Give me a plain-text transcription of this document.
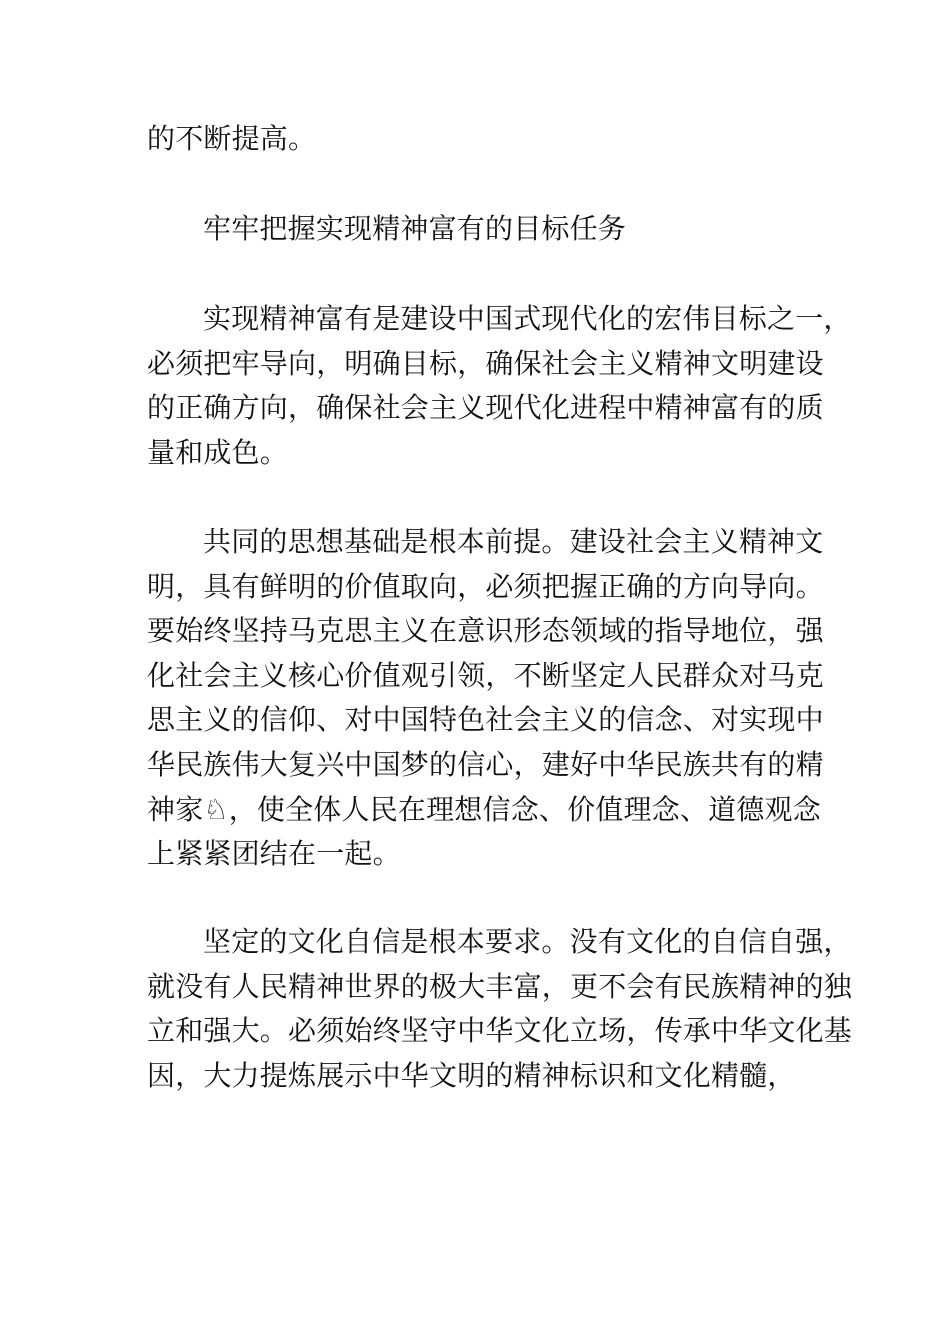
的不断提高。
牢牢把握实现精神富有的目标任务
实现精神富有是建设中国式现代化的宏伟目标之一，
必须把牢导向，明确目标，确保社会主义精神文明建设
的正确方向，确保社会主义现代化进程中精神富有的质
量和成色。
共同的思想基础是根本前提。建设社会主义精神文
明，具有鲜明的价值取向，必须把握正确的方向导向。
要始终坚持马克思主义在意识形态领域的指导地位，强
化社会主义核心价值观引领，不断坚定人民群众对马克
思主义的信仰、对中国特色社会主义的信念、对实现中
华民族伟大复兴中国梦的信心，建好中华民族共有的精
神家♘，使全体人民在理想信念、价值理念、道德观念
上紧紧团结在一起。
坚定的文化自信是根本要求。没有文化的自信自强，
就没有人民精神世界的极大丰富，更不会有民族精神的独
立和强大。必须始终坚守中华文化立场，传承中华文化基
因，大力提炼展示中华文明的精神标识和文化精髓，
